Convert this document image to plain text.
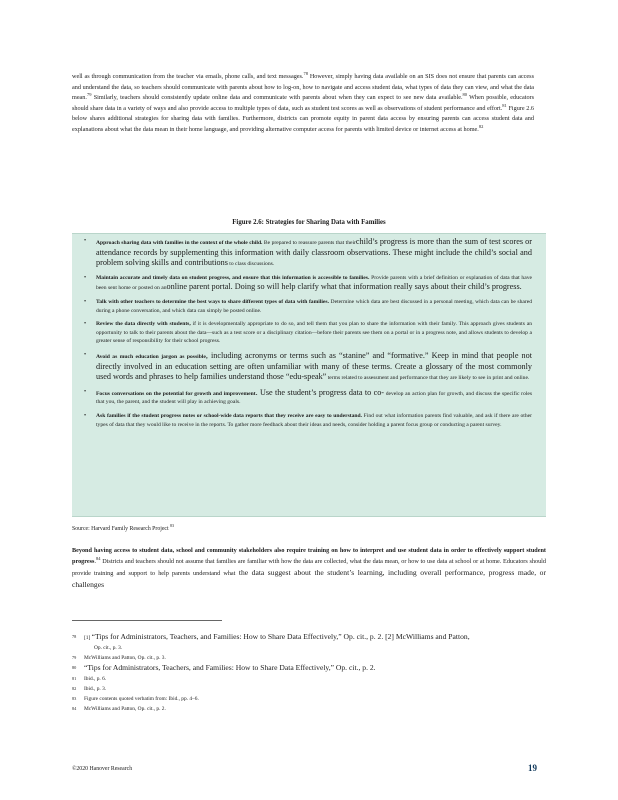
well as through communication from the teacher via emails, phone calls, and text messages.$^{78}$ However, simply having data available on an SIS does not ensure that parents can access and understand the data, so teachers should communicate with parents about how to log-on, how to navigate and access student data, what types of data they can view, and what the data mean.$^{79}$ Similarly, teachers should consistently update online data and communicate with parents about when they can expect to see new data available.$^{80}$ When possible, educators should share data in a variety of ways and also provide access to multiple types of data, such as student test scores as well as observations of student performance and effort.$^{81}$ Figure 2.6 below shares additional strategies for sharing data with families. Furthermore, districts can promote equity in parent data access by ensuring parents can access student data and explanations about what the data mean in their home language, and providing alternative computer access for parents with limited device or internet access at home.$^{82}$

Figure 2.6: Strategies for Sharing Data with Families

• Approach sharing data with families in the context of the whole child. Be prepared to reassure parents that theirchild’s progress is more than the sum of test scores or attendance records by supplementing this information with daily classroom observations. These might include the child’s social and problem solving skills and contributions to class discussions.
• Maintain accurate and timely data on student progress, and ensure that this information is accessible to families. Provide parents with a brief definition or explanation of data that have been sent home or posted on anonline parent portal. Doing so will help clarify what that information really says about their child’s progress.
• Talk with other teachers to determine the best ways to share different types of data with families. Determine which data are best discussed in a personal meeting, which data can be shared during a phone conversation, and which data can simply be posted online.
• Review the data directly with students, if it is developmentally appropriate to do so, and tell them that you plan to share the information with their family. This approach gives students an opportunity to talk to their parents about the data—such as a test score or a disciplinary citation—before their parents see them on a portal or in a progress note, and allows students to develop a greater sense of responsibility for their school progress.
• Avoid as much education jargon as possible, including acronyms or terms such as “stanine” and “formative.” Keep in mind that people not directly involved in an education setting are often unfamiliar with many of these terms. Create a glossary of the most commonly used words and phrases to help families understand those “edu-speak” terms related to assessment and performance that they are likely to see in print and online.
• Focus conversations on the potential for growth and improvement. Use the student’s progress data to co- develop an action plan for growth, and discuss the specific roles that you, the parent, and the student will play in achieving goals.
• Ask families if the student progress notes or school-wide data reports that they receive are easy to understand. Find out what information parents find valuable, and ask if there are other types of data that they would like to receive in the reports. To gather more feedback about their ideas and needs, consider holding a parent focus group or conducting a parent survey.

Source: Harvard Family Research Project $^{83}$

Beyond having access to student data, school and community stakeholders also require training on how to interpret and use student data in order to effectively support student progress.$^{84}$ Districts and teachers should not assume that families are familiar with how the data are collected, what the data mean, or how to use data at school or at home. Educators should provide training and support to help parents understand what the data suggest about the student’s learning, including overall performance, progress made, or challenges

78 [1] “Tips for Administrators, Teachers, and Families: How to Share Data Effectively,” Op. cit., p. 2. [2] McWilliams and Patton,
Op. cit., p. 3.
79 McWilliams and Patton, Op. cit., p. 3.
80 “Tips for Administrators, Teachers, and Families: How to Share Data Effectively,” Op. cit., p. 2.
81 Ibid., p. 6.
82 Ibid., p. 3.
83 Figure contents quoted verbatim from: Ibid., pp. 4–6.
84 McWilliams and Patton, Op. cit., p. 2.

©2020 Hanover Research	19
